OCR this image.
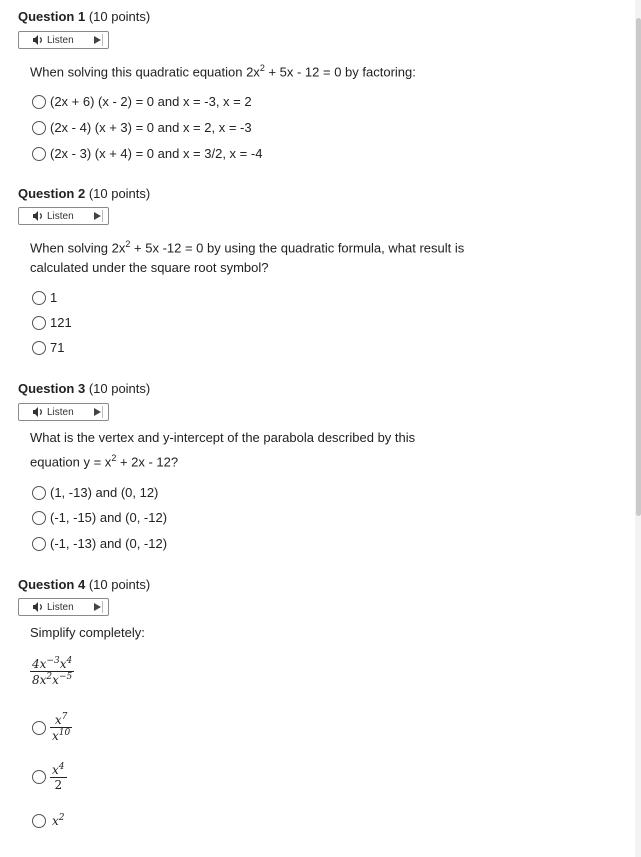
Question 1 (10 points)
Listen
When solving this quadratic equation $2x^2 + 5x - 12 = 0$ by factoring:
(2x + 6) (x - 2) = 0 and x = -3, x = 2
(2x - 4) (x + 3) = 0 and x = 2, x = -3
(2x - 3) (x + 4) = 0 and x = 3/2, x = -4
Question 2 (10 points)
Listen
When solving $2x^2 + 5x$ -12 = 0 by using the quadratic formula, what result is
calculated under the square root symbol?
1
121
71
Question 3 (10 points)
Listen
What is the vertex and y-intercept of the parabola described by this
equation $y = x^2 + 2x - 12$?
(1, -13) and (0, 12)
(-1, -15) and (0, -12)
(-1, -13) and (0, -12)
Question 4 (10 points)
Listen
Simplify completely:
$\frac{4x^{-3}x^4}{8x^2x^{-5}}$
$\frac{x^7}{x^{10}}$
$\frac{x^4}{2}$
$x^2$
